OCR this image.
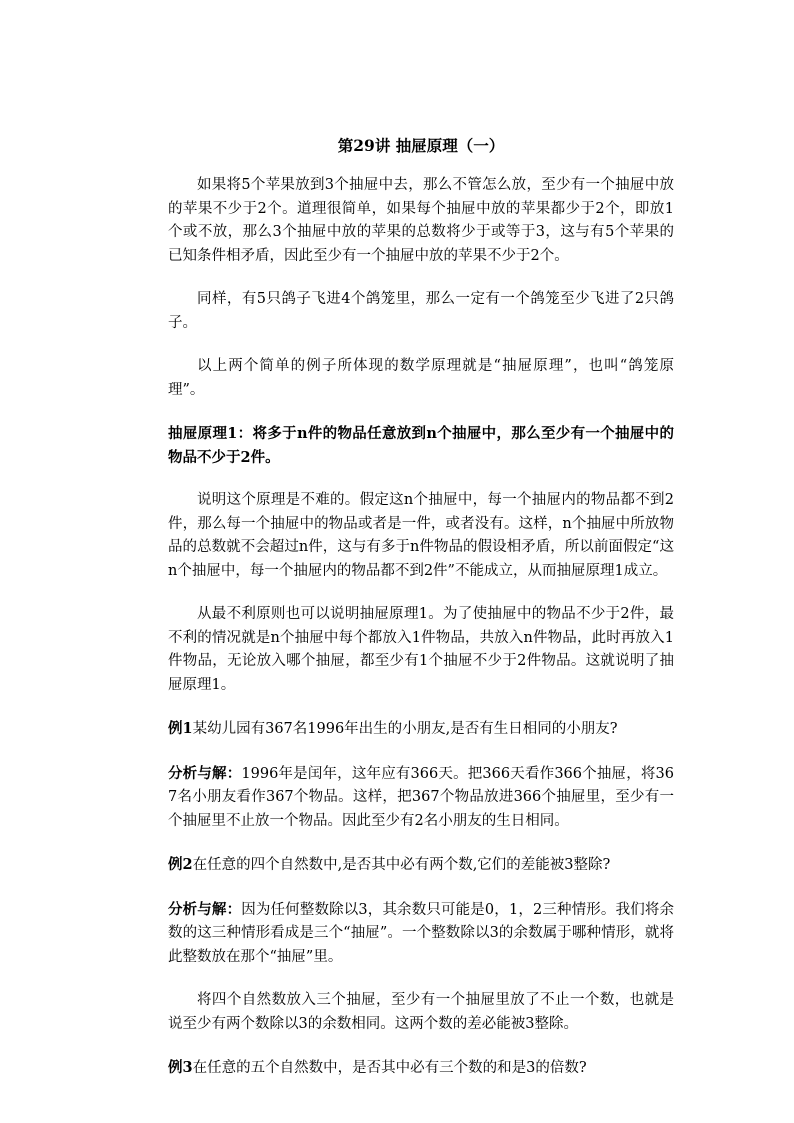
第29讲 抽屉原理（一）

如果将5个苹果放到3个抽屉中去，那么不管怎么放，至少有一个抽屉中放的苹果不少于2个。道理很简单，如果每个抽屉中放的苹果都少于2个，即放1个或不放，那么3个抽屉中放的苹果的总数将少于或等于3，这与有5个苹果的已知条件相矛盾，因此至少有一个抽屉中放的苹果不少于2个。

同样，有5只鸽子飞进4个鸽笼里，那么一定有一个鸽笼至少飞进了2只鸽子。

以上两个简单的例子所体现的数学原理就是“抽屉原理”，也叫“鸽笼原理”。

抽屉原理1：将多于n件的物品任意放到n个抽屉中，那么至少有一个抽屉中的物品不少于2件。

说明这个原理是不难的。假定这n个抽屉中，每一个抽屉内的物品都不到2件，那么每一个抽屉中的物品或者是一件，或者没有。这样，n个抽屉中所放物品的总数就不会超过n件，这与有多于n件物品的假设相矛盾，所以前面假定“这n个抽屉中，每一个抽屉内的物品都不到2件”不能成立，从而抽屉原理1成立。

从最不利原则也可以说明抽屉原理1。为了使抽屉中的物品不少于2件，最不利的情况就是n个抽屉中每个都放入1件物品，共放入n件物品，此时再放入1件物品，无论放入哪个抽屉，都至少有1个抽屉不少于2件物品。这就说明了抽屉原理1。

例1某幼儿园有367名1996年出生的小朋友,是否有生日相同的小朋友?

分析与解：1996年是闰年，这年应有366天。把366天看作366个抽屉，将367名小朋友看作367个物品。这样，把367个物品放进366个抽屉里，至少有一个抽屉里不止放一个物品。因此至少有2名小朋友的生日相同。

例2在任意的四个自然数中,是否其中必有两个数,它们的差能被3整除?

分析与解：因为任何整数除以3，其余数只可能是0，1，2三种情形。我们将余数的这三种情形看成是三个“抽屉”。一个整数除以3的余数属于哪种情形，就将此整数放在那个“抽屉”里。

将四个自然数放入三个抽屉，至少有一个抽屉里放了不止一个数，也就是说至少有两个数除以3的余数相同。这两个数的差必能被3整除。

例3在任意的五个自然数中，是否其中必有三个数的和是3的倍数?
